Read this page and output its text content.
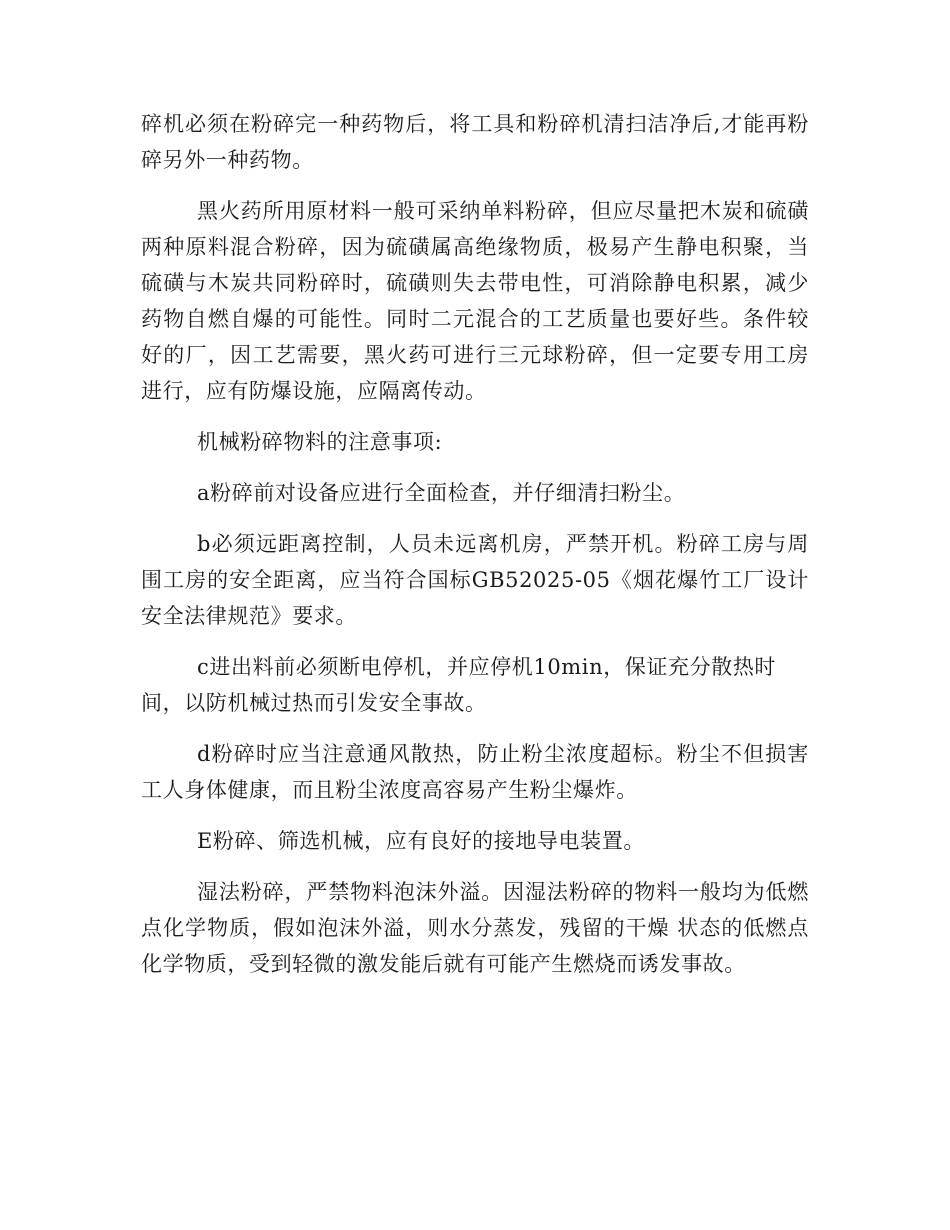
碎机必须在粉碎完一种药物后，将工具和粉碎机清扫洁净后,才能再粉碎另外一种药物。

黑火药所用原材料一般可采纳单料粉碎，但应尽量把木炭和硫磺两种原料混合粉碎，因为硫磺属高绝缘物质，极易产生静电积聚，当硫磺与木炭共同粉碎时，硫磺则失去带电性，可消除静电积累，减少药物自燃自爆的可能性。同时二元混合的工艺质量也要好些。条件较好的厂，因工艺需要，黑火药可进行三元球粉碎，但一定要专用工房进行，应有防爆设施，应隔离传动。

机械粉碎物料的注意事项:

a粉碎前对设备应进行全面检查，并仔细清扫粉尘。

b必须远距离控制，人员未远离机房，严禁开机。粉碎工房与周围工房的安全距离，应当符合国标GB52025-05《烟花爆竹工厂设计安全法律规范》要求。

c进出料前必须断电停机，并应停机10min，保证充分散热时间，以防机械过热而引发安全事故。

d粉碎时应当注意通风散热，防止粉尘浓度超标。粉尘不但损害工人身体健康，而且粉尘浓度高容易产生粉尘爆炸。

E粉碎、筛选机械，应有良好的接地导电装置。

湿法粉碎，严禁物料泡沫外溢。因湿法粉碎的物料一般均为低燃点化学物质，假如泡沫外溢，则水分蒸发，残留的干燥 状态的低燃点化学物质，受到轻微的激发能后就有可能产生燃烧而诱发事故。
